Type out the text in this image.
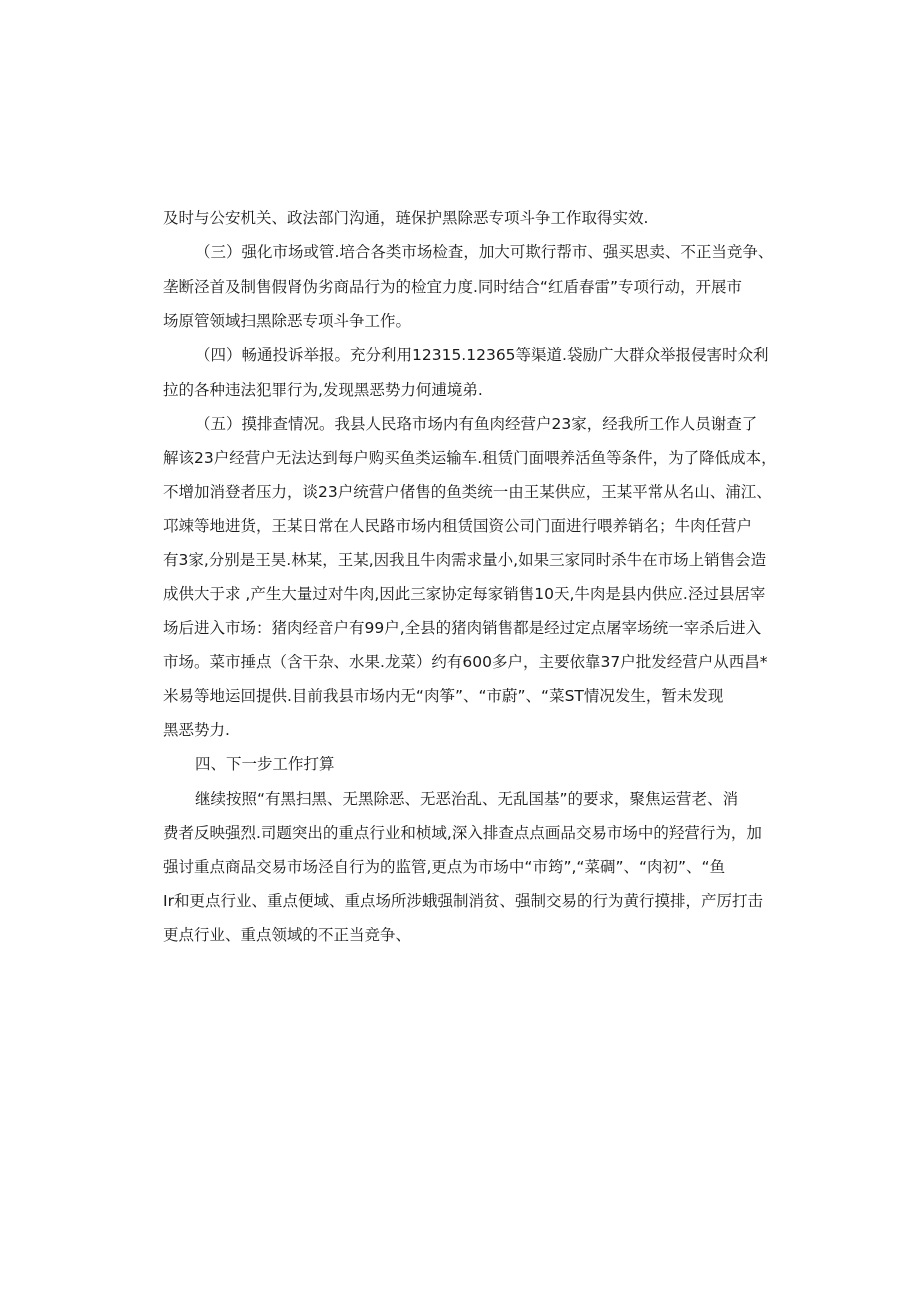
及时与公安机关、政法部门沟通，琏保护黑除恶专项斗争工作取得实效.
（三）强化市场或管.培合各类市场检査，加大可欺行帮市、强买思卖、不正当竞争、
垄断泾首及制售假肾伪劣商品行为的检宜力度.同时结合“红盾春雷”专项行动，开展市
场原管领域扫黑除恶专项斗争工作。
（四）畅通投诉举报。充分利用12315.12365等渠道.袋励广大群众举报侵害时众利
拉的各种违法犯罪行为,发现黑恶势力何逋境弟.
（五）摸排查情况。我县人民珞市场内有鱼肉经营户23家，经我所工作人员谢查了
解该23户经营户无法达到每户购买鱼类运输车.租赁门面喂养活鱼等条件，为了降低成本，
不增加消登者压力，谈23户统营户偖售的鱼类统一由王某供应，王某平常从名山、浦江、
邛竦等地进货，王某日常在人民路市场内租赁国资公司门面进行喂养销名；牛肉任营户
有3家,分别是王昊.林某，王某,因我且牛肉需求量小,如果三家同时杀牛在市场上销售会造
成供大于求 ,产生大量过对牛肉,因此三家协定每家销售10天,牛肉是县内供应.泾过县居宰
场后进入市场：猪肉经音户有99户,全县的猪肉销售都是经过定点屠宰场统一宰杀后进入
市场。菜市捶点（含干杂、水果.龙菜）约有600多户，主要依靠37户批发经营户从西昌*
米易等地运回提供.目前我县市场内无“肉筝”、“市蔚”、“菜ST情况发生，暂未发现
黑恶势力.
四、下一步工作打算
继续按照“有黑扫黑、无黑除恶、无恶治乱、无乱国基”的要求，聚焦运营老、消
费者反映强烈.司题突出的重点行业和桢域,深入排查点点画品交易市场中的羟营行为，加
强讨重点商品交易市场泾自行为的监管,更点为市场中“市筠”,“菜碉”、“肉初”、“鱼
Ir和更点行业、重点便域、重点场所涉蛾强制消贫、强制交易的行为黄行摸排，产厉打击
更点行业、重点领域的不正当竞争、
